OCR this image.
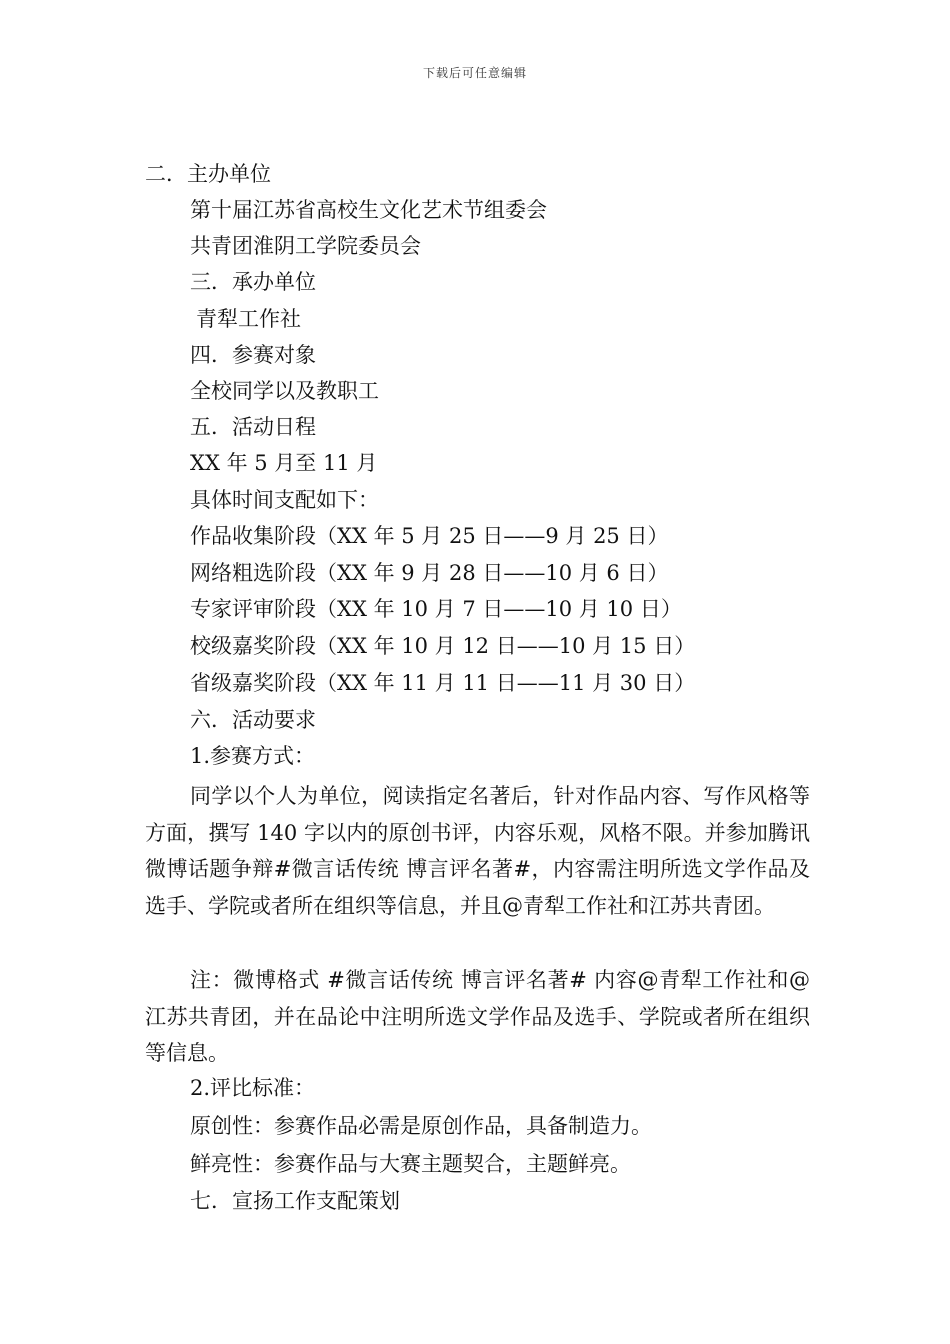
下载后可任意编辑
二．主办单位
第十届江苏省高校生文化艺术节组委会
共青团淮阴工学院委员会
三．承办单位
青犁工作社
四．参赛对象
全校同学以及教职工
五．活动日程
XX 年 5 月至 11 月
具体时间支配如下：
作品收集阶段（XX 年 5 月 25 日——9 月 25 日）
网络粗选阶段（XX 年 9 月 28 日——10 月 6 日）
专家评审阶段（XX 年 10 月 7 日——10 月 10 日）
校级嘉奖阶段（XX 年 10 月 12 日——10 月 15 日）
省级嘉奖阶段（XX 年 11 月 11 日——11 月 30 日）
六．活动要求
1.参赛方式：
同学以个人为单位，阅读指定名著后，针对作品内容、写作风格等方面，撰写 140 字以内的原创书评，内容乐观，风格不限。并参加腾讯微博话题争辩#微言话传统 博言评名著#，内容需注明所选文学作品及选手、学院或者所在组织等信息，并且@青犁工作社和江苏共青团。
注：微博格式 #微言话传统 博言评名著# 内容@青犁工作社和@江苏共青团，并在品论中注明所选文学作品及选手、学院或者所在组织等信息。
2.评比标准：
原创性：参赛作品必需是原创作品，具备制造力。
鲜亮性：参赛作品与大赛主题契合，主题鲜亮。
七．宣扬工作支配策划
